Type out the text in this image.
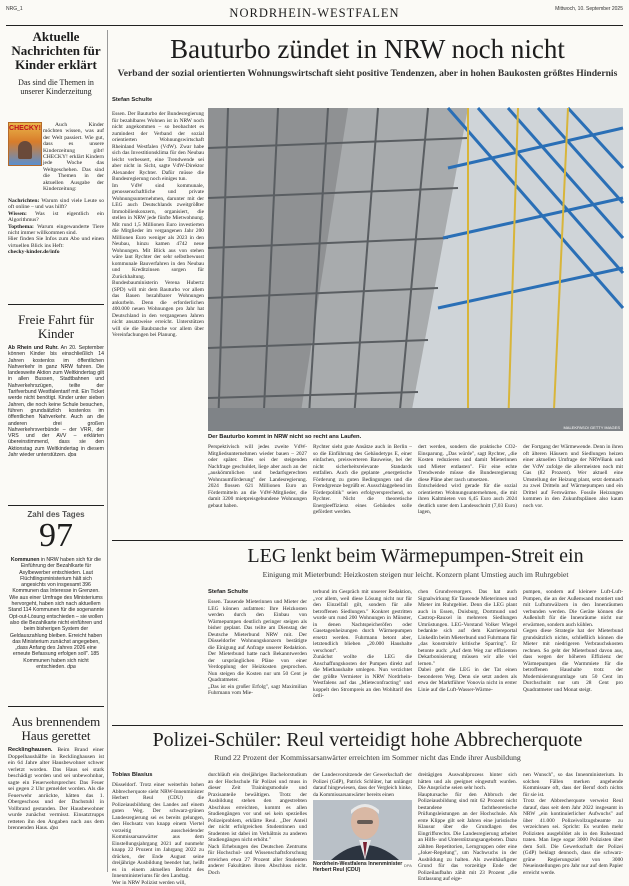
NRG_1	NORDRHEIN-WESTFALEN	Mittwoch, 10. September 2025
Aktuelle Nachrichten für Kinder erklärt
Das sind die Themen in unserer Kinderzeitung
CHECKY!	Auch Kinder möchten wissen, was auf der Welt passiert. Wie gut, dass es unsere Kinderzeitung gibt! CHECKY! erklärt Kindern jede Woche das Weltgeschehen. Das sind die Themen in der aktuellen Ausgabe der Kinderzeitung:
Nachrichten: Warum sind viele Leute so oft online – und was hilft?
Wissen: Was ist eigentlich ein Algorithmus?
Topthema: Warum eingewanderte Tiere nicht immer willkommen sind.
Hier finden Sie Infos zum Abo und einen virtuellen Blick ins Heft:
checky-kinder.de/info
Freie Fahrt für Kinder
Ab Rhein und Ruhr. An 20. September können Kinder bis einschließlich 14 Jahren kostenlos im öffentlichen Nahverkehr in ganz NRW fahren. Die landesweite Aktion zum Weltkindertag gilt in allen Bussen, Stadtbahnen und Nahverkehrszügen, teilte der Tarifverbund Westfalentarif mit. Ein Ticket werde nicht benötigt. Kinder unter sieben Jahren, die noch keine Schule besuchen, führen grundsätzlich kostenlos im öffentlichen Nahverkehr. Auch an die anderen drei großen Nahverkehrsverbünde – der VRR, der VRS und der AVV – erklärten übereinstimmend, dass sie den Aktionstag zum Weltkindertag in diesem Jahr wieder unterstützen. dpa
Zahl des Tages
97
Kommunen in NRW haben sich für die Einführung der Bezahlkarte für Asylbewerber entschieden. Laut Flüchtlingsministerium hält sich angesichts von insgesamt 396 Kommunen das Interesse in Grenzen. Wie aus einer Umfrage des Ministeriums hervorgeht, haben sich nach aktuellem Stand 114 Kommunen für die sogenannte Opt-out-Lösung entschieden – sie wollen also die Bezahlkarte nicht einführen und beim bisherigen System der Geldauszahlung bleiben. Erreicht haben das Ministerium zunächst angegeben, „dass Anfang des Jahres 2026 eine erneute Befassung erfolgen soll". 185 Kommunen haben sich nicht entschieden. dpa
Aus brennendem Haus gerettet
Recklinghausen. Beim Brand einer Doppelhaushälfte in Recklinghausen ist ein 64 Jahre alter Hausbewohner schwer verletzt worden. Das Haus sei stark beschädigt worden und sei unbewohnbar, sagte ein Feuerwehrsprecher. Das Feuer sei gegen 2 Uhr gemeldet worden. Als die Feuerwehr anrückte, hätten das 1. Obergeschoss und der Dachstuhl in Vollbrand gestanden. Der Hausbewohner wurde zunächst vermisst. Einsatztrupps retteten ihn den Angaben nach aus dem brennenden Haus. dpa
Bauturbo zündet in NRW noch nicht
Verband der sozial orientierten Wohnungswirtschaft sieht positive Tendenzen, aber in hohen Baukosten größtes Hindernis
Stefan Schulte
Essen. Der Bauturbo der Bundesregierung für bezahlbares Wohnen ist in NRW noch nicht angekommen – so beobachtet es zumindest der Verband der sozial orientierten Wohnungswirtschaft Rheinland Westfalen (VdW). Zwar habe sich das Investitionsklima für den Neubau leicht verbessert, eine Trendwende sei aber nicht in Sicht, sagte VdW-Direktor Alexander Rychter. Dafür müsse die Bundesregierung noch einiges tun.
Im VdW sind kommunale, genossenschaftliche und private Wohnungsunternehmen, darunter mit der LEG auch Deutschlands zweitgrößter Immobilienkonzern, organisiert, die stellen in NRW jede fünfte Mietwohnung. Mit rund 1,5 Millionen Euro investierten die Mitglieder im vergangenen Jahr 200 Millionen Euro weniger als 2023 in den Neubau, hinzu kamen 4742 neue Wohnungen. Mit Blick aus von stehen wäre laut Rychter der sehr selbstbewusst kommunale Bauverfahren in den Neubau und Kreditzinsen sorgen für Zurückhaltung.
Bundesbauministerin Verena Hubertz (SPD) will mit dem Bauturbo vor allem das Bauen bezahlbarer Wohnungen ankurbeln. Denn die erforderlichen 400.000 neuen Wohnungen pro Jahr hat Deutschland in den vergangenen Jahren nicht ansatzweise erreicht. Unterstützen will sie die Baubranche vor allem über Vereinfachungen bei Planung.
MALEKPASO/ GETTY IMAGES
Der Bauturbo kommt in NRW nicht so recht ans Laufen.
Perspektivisch will jedes zweite VdW-Mitgliedsunternehmen wieder bauen – 2027 oder später. Dies sei der steigenden Nachfrage geschuldet, liege aber auch an der „auskömmlichen und bedarfsgerechten Wohnraumförderung" der Landesregierung. 2024 flossen 621 Millionen Euro an Fördermitteln an die VdW-Mitglieder, die damit 3200 mietpreisgebundene Wohnungen gebaut haben.
Rychter sieht gute Ansätze auch in Berlin – so die Einführung des Gebäudetyps E, einer einfachen, preiswerteren Bauweise, bei der nicht sicherheitsrelevante Standards entfallen. Auch die geplante „energetische Förderung zu guten Bedingungen und die Fremdgrenze begrüßt er. Ausschlaggebend im Förderpolitik" seien erfolgversprechend, so Rychter. Nicht die theoretische Energieeffizienz eines Gebäudes solle gefördert werden.
dert werden, sondern die praktische CO2-Einsparung. „Das würde", sagt Rychter, „die Kosten reduzieren und damit Mieterinnen und Mieter entlasten". Für eine echte Trendwende müsse die Bundesregierung diese Pläne aber rasch umsetzen.
Entscheidend wird gerade für die sozial orientierten Wohnungsunternehmen, die mit ihren Kaltmieten von 6,45 Euro auch 2024 deutlich unter dem Landesschnitt (7,03 Euro) lagen,
der Fortgang der Wärmewende. Denn in ihren oft älteren Häusern und Siedlungen heizen einer aktuellen Umfrage der NRWBank und der VdW zufolge die allermeisten noch mit Gas (82 Prozent). Wer aktuell eine Umstellung der Heizung plant, setzt demnach zu zwei Dritteln auf Wärmepumpen und ein Drittel auf Fernwärme. Fossile Heizungen kommen in den Zukunftsplänen also kaum noch vor.
LEG lenkt beim Wärmepumpen-Streit ein
Einigung mit Mieterbund: Heizkosten steigen nur leicht. Konzern plant Umstieg auch im Ruhrgebiet
Stefan Schulte
Essen. Tausende Mieterinnen und Mieter der LEG können aufatmen: Ihre Heizkosten werden durch den Einbau von Wärmepumpen deutlich geringer steigen als bisher geplant. Das teilte am Dienstag der Deutsche Mieterbund NRW mit. Der Düsseldorfer Wohnungskonzern bestätigte die Einigung auf Anfrage unserer Redaktion. Der Mieterbund hatte nach Bekanntwerden der ursprünglichen Pläne von einer Verdopplung der Heizkosten gesprochen. Nun steigen die Kosten nur um 50 Cent je Quadratmeter.
„Das ist ein großer Erfolg", sagt Maximilian Fuhrmann vom Mie-
terbund im Gespräch mit unserer Redaktion, „vor allem, weil diese Lösung nicht nur für den Einzelfall gilt, sondern für alle betroffenen Siedlungen." Konkret gestritten wurde um rund 200 Wohnungen in Münster, in denen Nachtspeicheröfen oder Gasetagenheizungen durch Wärmepumpen ersetzt werden. Fuhrmann betont aber, letztendlich blieben „20.000 Haushalte verschont".
Zunächst wollte die LEG die Anschaffungskosten der Pumpen direkt auf die Miethaushalte umlegen. Nun verzichtet der größte Vermieter in NRW Nordrhein-Westfalens auf das „Mieteconfracting" und koppelt den Strompreis an den Wohltarif des örtli-
chen Grundversorgers. Das hat auch Signalwirkung für Tausende Mieterinnen und Mieter im Ruhrgebiet. Denn die LEG plant auch in Essen, Duisburg, Dortmund und Castrop-Rauxel in mehreren Siedlungen Umrüstungen. LEG-Vorstand Volker Wiegel bedankte sich auf dem Karriereportal LinkedIn beim Mieterbund und Fuhrmann für „das konstruktiv kritische Sparring". Er betonte auch: „Auf dem Weg zur effizienten Dekarbonisierung müssen wir alle viel lernen."
Dabei geht die LEG in der Tat einen besonderen Weg. Denn sie setzt anders als etwa der Marktführer Vonovia nicht in erster Linie auf die Luft-Wasser-Wärme-
pumpen, sondern auf kleinere Luft-Luft-Pumpen, die an der Außenwand montiert und mit Luftumwälzern in den Innenräumen verbunden werden. Die Geräte können die Außenluft für die Innenräume nicht nur erwärmen, sondern auch kühlen.
Gegen diese Strategie hat der Mieterbund grundsätzlich nichts, schließlich können die Mieter mit niedrigeren Verbrauchskosten rechnen. So geht der Mieterbund davon aus, dass wegen der höheren Effizienz der Wärmepumpen die Warmmiete für die betroffenen Haushalte trotz der Modernisierungsumlage um 50 Cent im Durchschnitt nur um 28 Cent pro Quadratmeter und Monat steigt.
Polizei-Schüler: Reul verteidigt hohe Abbrecherquote
Rund 22 Prozent der Kommissarsanwärter erreichten im Sommer nicht das Ende ihrer Ausbildung
Tobias Blasius
Düsseldorf. Trotz einer weiterhin hohen Abbrecherquote sieht NRW-Innenminister Herbert Reul (CDU) die Polizeiausbildung des Landes auf einem guten Weg. Der schwarz-grünen Landesregierung sei es bereits gelungen, den Hochsatz von knapp einem Viertel vorzeitig ausscheidender Kommissarsanwärter aus dem Einstellungsjahrgang 2021 auf nunmehr knapp 22 Prozent im Jahrgang 2022 zu drücken, der Ende August seine dreijährige Ausbildung beendet hat, heißt es in einem aktuellen Bericht des Innenministeriums für den Landtag.
Wer in NRW Polizist werden will,
durchläuft ein dreijähriges Bachelorstudium an der Hochschule für Polizei und muss in dieser Zeit Trainingsmodule und Praxisanteile bewältigen. Trotz der Ausbildung stehen den angestrebten Abschluss erreichten, kommt es allen Studiengängen vor und sei kein spezielles Polizeiproblem, erklärte Reul. „Der Anteil der nicht erfolgreichen Studentinnen und Studenten ist dabei im Verhältnis zu anderen Studiengängen nicht erhöht."
Nach Erhebungen des Deutschen Zentrums für Hochschul- und Wissenschaftsforschung erreichen etwa 27 Prozent aller Studenten anderer Fakultäten ihren Abschluss nicht. Doch
der Landesvorsitzende der Gewerkschaft der Polizei (GdP), Patrick Schlüter, hat unlängst darauf hingewiesen, dass der Vergleich hinke, da Kommissarsanwärter bereits einen
Nordrhein-Westfalens Innenminister Herbert Reul (CDU)
DPA
dreitägigen Auswahlprozess hinter sich hätten und als geeignet eingestuft wurden. Die Ansprüche seien sehr hoch.
Hauptursache für den Abbruch der Polizeiausbildung sind mit 62 Prozent nicht bestandene fachtheoretische Prüfungsleistungen an der Hochschule. Als erste Klippe gilt seit Jahren eine juristische Klausur über die Grundlagen des Eingriffsrechts. Die Landesregierung arbeitet an Hilfs- und Unterstützungsangeboten. Dazu zählten Repetitorien, Lerngruppen oder eine „Joker-Regelung", um Nachwuchs in der Ausbildung zu halten. Als zweithäufigster Grund für das vorzeitige Ende der Polizeilaufbahn zählt mit 23 Prozent „die Entlassung auf eige-
nen Wunsch", so das Innenministerium. In solchen Fällen merken angehende Kommissare oft, dass der Beruf doch nichts für sie ist.
Trotz der Abbrecherquote verweist Reul darauf, dass seit dem Jahr 2022 insgesamt in NRW „ein kontinuierlicher Aufwuchs" auf über 41.000 Polizeivollzugsbeamte zu verzeichnen sei. Spricht: Es wurden mehr Polizisten ausgebildet als in den Ruhestand traten. Man liege sogar 3000 Polizisten über dem Soll. Die Gewerkschaft der Polizei (GdP) beklagt dennoch, dass die schwarz-grüne Regierungsziel von 3000 Neueinstellungen pro Jahr nur auf dem Papier erreicht werde.
